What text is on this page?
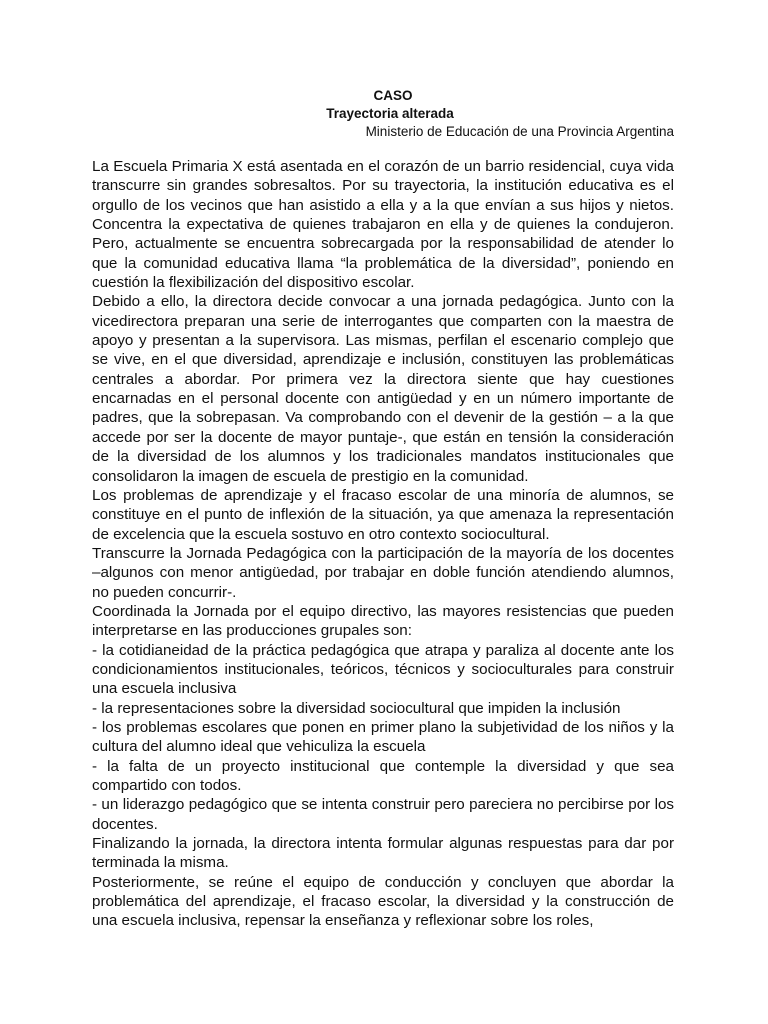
CASO
Trayectoria alterada
Ministerio de Educación de una Provincia Argentina

La Escuela Primaria X está asentada en el corazón de un barrio residencial, cuya vida transcurre sin grandes sobresaltos. Por su trayectoria, la institución educativa es el orgullo de los vecinos que han asistido a ella y a la que envían a sus hijos y nietos. Concentra la expectativa de quienes trabajaron en ella y de quienes la condujeron. Pero, actualmente se encuentra sobrecargada por la responsabilidad de atender lo que la comunidad educativa llama “la problemática de la diversidad”, poniendo en cuestión la flexibilización del dispositivo escolar.

Debido a ello, la directora decide convocar a una jornada pedagógica. Junto con la vicedirectora preparan una serie de interrogantes que comparten con la maestra de apoyo y presentan a la supervisora. Las mismas, perfilan el escenario complejo que se vive, en el que diversidad, aprendizaje e inclusión, constituyen las problemáticas centrales a abordar. Por primera vez la directora siente que hay cuestiones encarnadas en el personal docente con antigüedad y en un número importante de padres, que la sobrepasan. Va comprobando con el devenir de la gestión – a la que accede por ser la docente de mayor puntaje-, que están en tensión la consideración de la diversidad de los alumnos y los tradicionales mandatos institucionales que consolidaron la imagen de escuela de prestigio en la comunidad.

Los problemas de aprendizaje y el fracaso escolar de una minoría de alumnos, se constituye en el punto de inflexión de la situación, ya que amenaza la representación de excelencia que la escuela sostuvo en otro contexto sociocultural.

Transcurre la Jornada Pedagógica con la participación de la mayoría de los docentes –algunos con menor antigüedad, por trabajar en doble función atendiendo alumnos, no pueden concurrir-.

Coordinada la Jornada por el equipo directivo, las mayores resistencias que pueden interpretarse en las producciones grupales son:

- la cotidianeidad de la práctica pedagógica que atrapa y paraliza al docente ante los condicionamientos institucionales, teóricos, técnicos y socioculturales para construir una escuela inclusiva

- la representaciones sobre la diversidad sociocultural que impiden la inclusión

- los problemas escolares que ponen en primer plano la subjetividad de los niños y la cultura del alumno ideal que vehiculiza la escuela

- la falta de un proyecto institucional que contemple la diversidad y que sea compartido con todos.

- un liderazgo pedagógico que se intenta construir pero pareciera no percibirse por los docentes.

Finalizando la jornada, la directora intenta formular algunas respuestas para dar por terminada la misma.

Posteriormente, se reúne el equipo de conducción y concluyen que abordar la problemática del aprendizaje, el fracaso escolar, la diversidad y la construcción de una escuela inclusiva, repensar la enseñanza y reflexionar sobre los roles,
